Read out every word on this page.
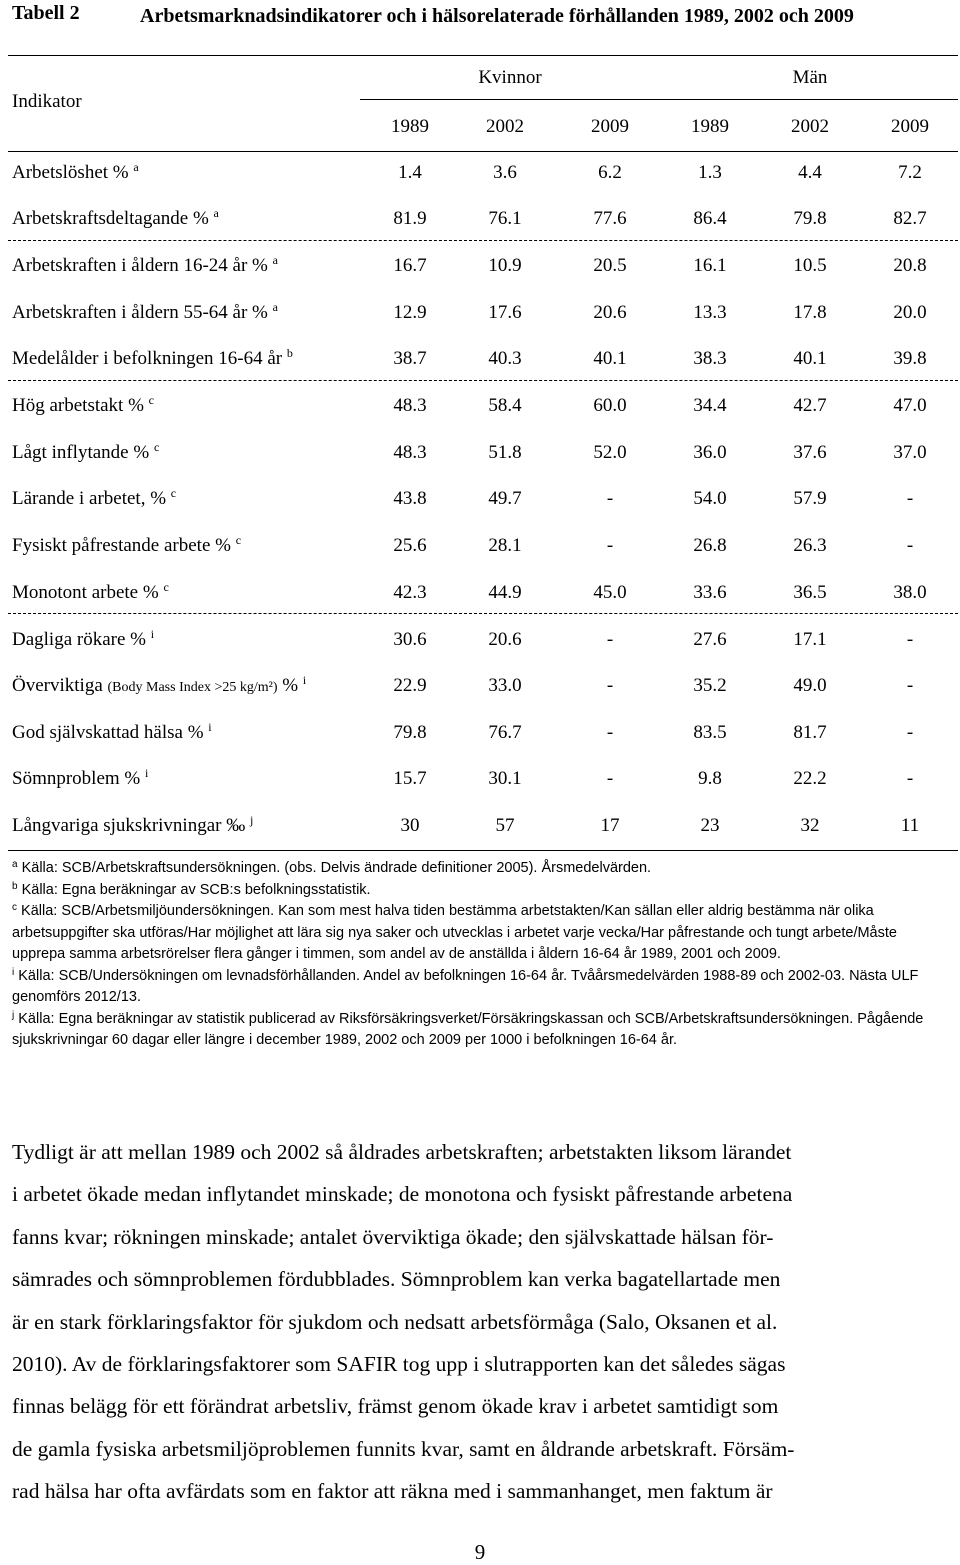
Tabell 2	Arbetsmarknadsindikatorer och i hälsorelaterade förhållanden 1989, 2002 och 2009
Indikator
Kvinnor	Män
1989	2002	2009	1989	2002	2009
Arbetslöshet % $^a$	1.4	3.6	6.2	1.3	4.4	7.2
Arbetskraftsdeltagande % $^a$	81.9	76.1	77.6	86.4	79.8	82.7
Arbetskraften i åldern 16-24 år % $^a$	16.7	10.9	20.5	16.1	10.5	20.8
Arbetskraften i åldern 55-64 år % $^a$	12.9	17.6	20.6	13.3	17.8	20.0
Medelålder i befolkningen 16-64 år $^b$	38.7	40.3	40.1	38.3	40.1	39.8
Hög arbetstakt % $^c$	48.3	58.4	60.0	34.4	42.7	47.0
Lågt inflytande % $^c$	48.3	51.8	52.0	36.0	37.6	37.0
Lärande i arbetet, % $^c$	43.8	49.7	-	54.0	57.9	-
Fysiskt påfrestande arbete % $^c$	25.6	28.1	-	26.8	26.3	-
Monotont arbete % $^c$	42.3	44.9	45.0	33.6	36.5	38.0
Dagliga rökare % $^i$	30.6	20.6	-	27.6	17.1	-
Överviktiga (Body Mass Index >25 kg/m²) % $^i$	22.9	33.0	-	35.2	49.0	-
God självskattad hälsa % $^i$	79.8	76.7	-	83.5	81.7	-
Sömnproblem % $^i$	15.7	30.1	-	9.8	22.2	-
Långvariga sjukskrivningar ‰ $^j$	30	57	17	23	32	11

$^a$ Källa: SCB/Arbetskraftsundersökningen. (obs. Delvis ändrade definitioner 2005). Årsmedelvärden.

$^b$ Källa: Egna beräkningar av SCB:s befolkningsstatistik.

$^c$ Källa: SCB/Arbetsmiljöundersökningen. Kan som mest halva tiden bestämma arbetstakten/Kan sällan eller aldrig bestämma när olika arbetsuppgifter ska utföras/Har möjlighet att lära sig nya saker och utvecklas i arbetet varje vecka/Har påfrestande och tungt arbete/Måste upprepa samma arbetsrörelser flera gånger i timmen, som andel av de anställda i åldern 16-64 år 1989, 2001 och 2009.

$^i$ Källa: SCB/Undersökningen om levnadsförhållanden. Andel av befolkningen 16-64 år. Tvåårsmedelvärden 1988-89 och 2002-03. Nästa ULF genomförs 2012/13.

$^j$ Källa: Egna beräkningar av statistik publicerad av Riksförsäkringsverket/Försäkringskassan och SCB/Arbetskraftsundersökningen. Pågående sjukskrivningar 60 dagar eller längre i december 1989, 2002 och 2009 per 1000 i befolkningen 16-64 år.

Tydligt är att mellan 1989 och 2002 så åldrades arbetskraften; arbetstakten liksom lärandet

i arbetet ökade medan inflytandet minskade; de monotona och fysiskt påfrestande arbetena

fanns kvar; rökningen minskade; antalet överviktiga ökade; den självskattade hälsan för-

sämrades och sömnproblemen fördubblades. Sömnproblem kan verka bagatellartade men

är en stark förklaringsfaktor för sjukdom och nedsatt arbetsförmåga (Salo, Oksanen et al.

2010). Av de förklaringsfaktorer som SAFIR tog upp i slutrapporten kan det således sägas

finnas belägg för ett förändrat arbetsliv, främst genom ökade krav i arbetet samtidigt som

de gamla fysiska arbetsmiljöproblemen funnits kvar, samt en åldrande arbetskraft. Försäm-

rad hälsa har ofta avfärdats som en faktor att räkna med i sammanhanget, men faktum är

9
